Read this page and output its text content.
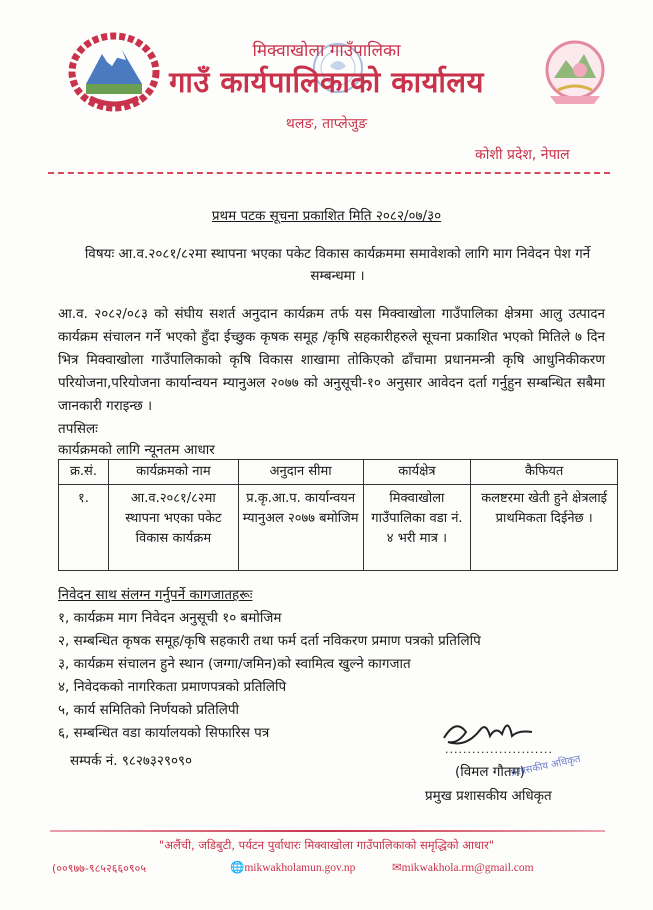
मिक्वाखोला गाउँपालिका
गाउँ कार्यपालिकाको कार्यालय
थलङ, ताप्लेजुङ
कोशी प्रदेश, नेपाल
प्रथम पटक सूचना प्रकाशित मिति २०८२/०७/३०
विषयः आ.व.२०८१/८२मा स्थापना भएका पकेट विकास कार्यक्रममा समावेशको लागि माग निवेदन पेश गर्ने सम्बन्धमा ।
आ.व. २०८२/०८३ को संघीय सशर्त अनुदान कार्यक्रम तर्फ यस मिक्वाखोला गाउँपालिका क्षेत्रमा आलु उत्पादन कार्यक्रम संचालन गर्ने भएको हुँदा ईच्छुक कृषक समूह /कृषि सहकारीहरुले सूचना प्रकाशित भएको मितिले ७ दिन भित्र मिक्वाखोला गाउँपालिकाको कृषि विकास शाखामा तोकिएको ढाँचामा प्रधानमन्त्री कृषि आधुनिकीकरण परियोजना,परियोजना कार्यान्वयन म्यानुअल २०७७ को अनुसूची-१० अनुसार आवेदन दर्ता गर्नुहुन सम्बन्धित सबैमा जानकारी गराइन्छ ।
तपसिलः
कार्यक्रमको लागि न्यूनतम आधार
क्र.सं.	कार्यक्रमको नाम	अनुदान सीमा	कार्यक्षेत्र	कैफियत
१.	आ.व.२०८१/८२मा स्थापना भएका पकेट विकास कार्यक्रम	प्र.कृ.आ.प. कार्यान्वयन म्यानुअल २०७७ बमोजिम	मिक्वाखोला गाउँपालिका वडा नं. ४ भरी मात्र ।	कलष्टरमा खेती हुने क्षेत्रलाई प्राथमिकता दिईनेछ ।
निवेदन साथ संलग्न गर्नुपर्ने कागजातहरूः
१, कार्यक्रम माग निवेदन अनुसूची १० बमोजिम
२, सम्बन्धित कृषक समूह/कृषि सहकारी तथा फर्म दर्ता नविकरण प्रमाण पत्रको प्रतिलिपि
३, कार्यक्रम संचालन हुने स्थान (जग्गा/जमिन)को स्वामित्व खुल्ने कागजात
४, निवेदकको नागरिकता प्रमाणपत्रको प्रतिलिपि
५, कार्य समितिको निर्णयको प्रतिलिपी
६, सम्बन्धित वडा कार्यालयको सिफारिस पत्र
सम्पर्क नं. ९८२७३२९०९०
........................
(विमल गौतम)
प्रशासकीय अधिकृत
प्रमुख प्रशासकीय अधिकृत
"अलैंची, जडिबुटी, पर्यटन पुर्वाधारः मिक्वाखोला गाउँपालिकाको समृद्धिको आधार"
(००९७७-९८५२६६०९०५	🌐mikwakholamun.gov.np	✉mikwakhola.rm@gmail.com
